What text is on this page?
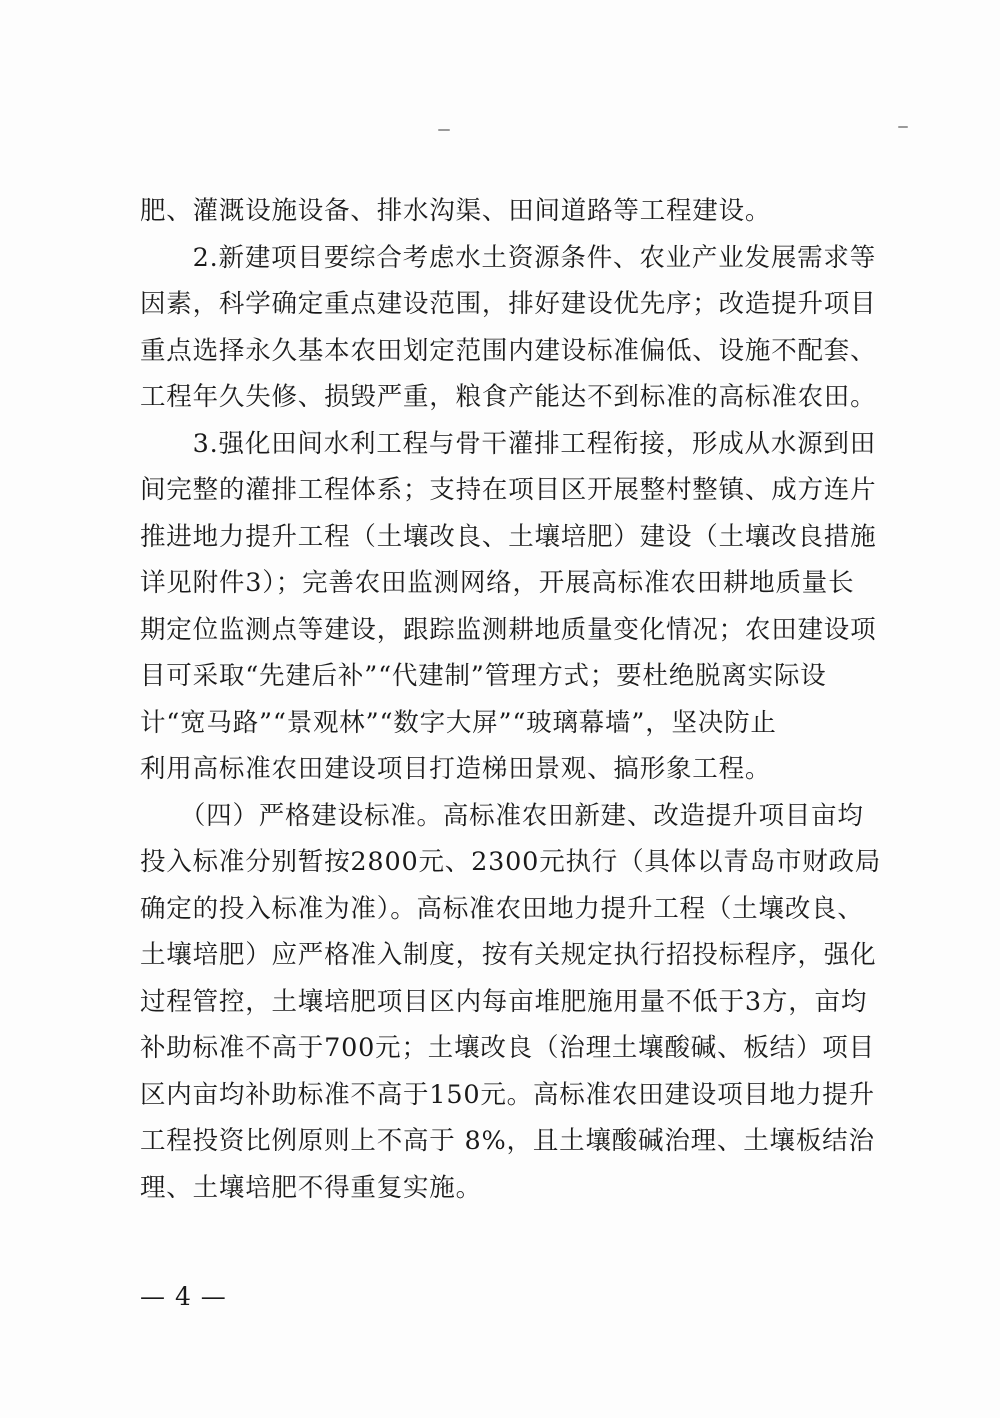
肥、灌溉设施设备、排水沟渠、田间道路等工程建设。
　　2.新建项目要综合考虑水土资源条件、农业产业发展需求等
因素，科学确定重点建设范围，排好建设优先序；改造提升项目
重点选择永久基本农田划定范围内建设标准偏低、设施不配套、
工程年久失修、损毁严重，粮食产能达不到标准的高标准农田。
　　3.强化田间水利工程与骨干灌排工程衔接，形成从水源到田
间完整的灌排工程体系；支持在项目区开展整村整镇、成方连片
推进地力提升工程（土壤改良、土壤培肥）建设（土壤改良措施
详见附件3）；完善农田监测网络，开展高标准农田耕地质量长
期定位监测点等建设，跟踪监测耕地质量变化情况；农田建设项
目可采取“先建后补”“代建制”管理方式；要杜绝脱离实际设
计“宽马路”“景观林”“数字大屏”“玻璃幕墙”，坚决防止
利用高标准农田建设项目打造梯田景观、搞形象工程。
　　（四）严格建设标准。高标准农田新建、改造提升项目亩均
投入标准分别暂按2800元、2300元执行（具体以青岛市财政局
确定的投入标准为准）。高标准农田地力提升工程（土壤改良、
土壤培肥）应严格准入制度，按有关规定执行招投标程序，强化
过程管控，土壤培肥项目区内每亩堆肥施用量不低于3方，亩均
补助标准不高于700元；土壤改良（治理土壤酸碱、板结）项目
区内亩均补助标准不高于150元。高标准农田建设项目地力提升
工程投资比例原则上不高于 8%，且土壤酸碱治理、土壤板结治
理、土壤培肥不得重复实施。
— 4 —
